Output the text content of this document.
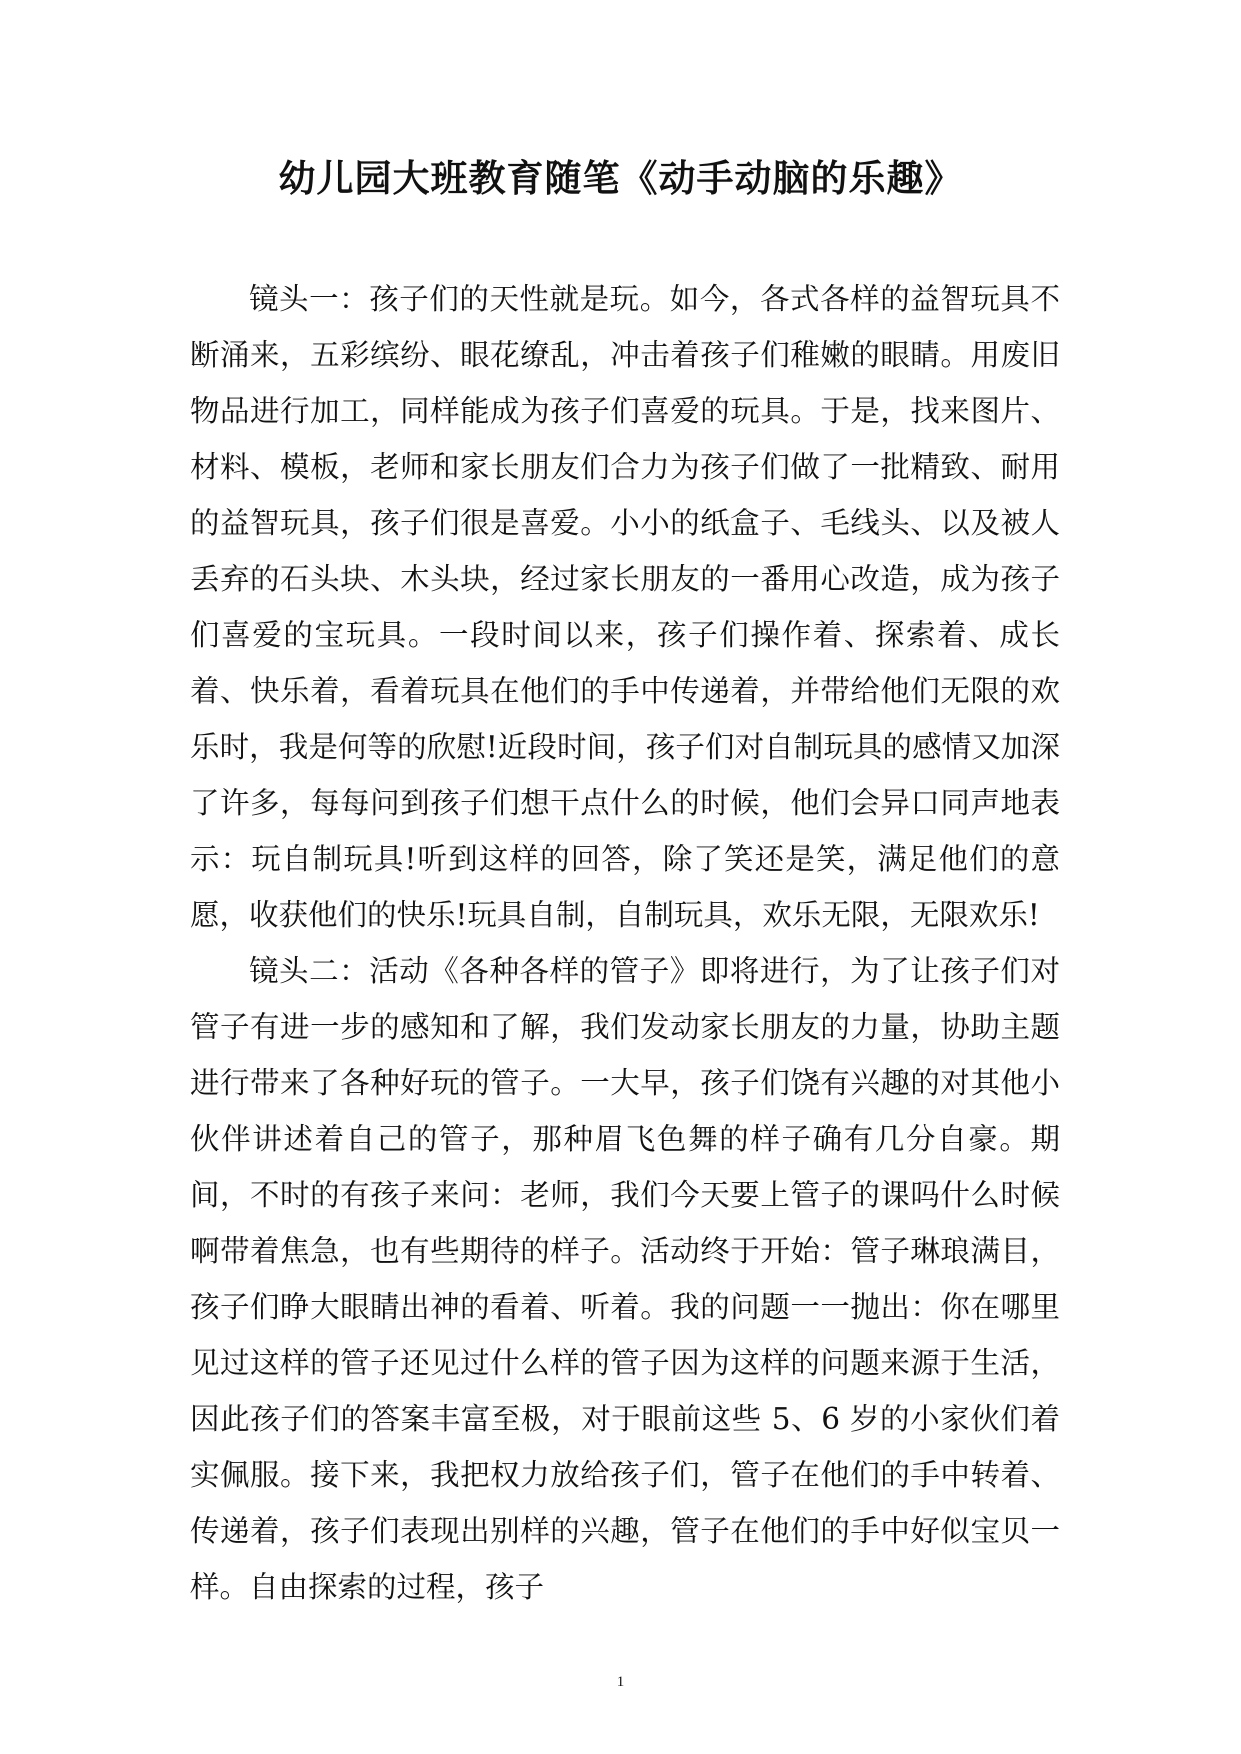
幼儿园大班教育随笔《动手动脑的乐趣》

镜头一：孩子们的天性就是玩。如今，各式各样的益智玩具不断涌来，五彩缤纷、眼花缭乱，冲击着孩子们稚嫩的眼睛。用废旧物品进行加工，同样能成为孩子们喜爱的玩具。于是，找来图片、材料、模板，老师和家长朋友们合力为孩子们做了一批精致、耐用的益智玩具，孩子们很是喜爱。小小的纸盒子、毛线头、以及被人丢弃的石头块、木头块，经过家长朋友的一番用心改造，成为孩子们喜爱的宝玩具。一段时间以来，孩子们操作着、探索着、成长着、快乐着，看着玩具在他们的手中传递着，并带给他们无限的欢乐时，我是何等的欣慰!近段时间，孩子们对自制玩具的感情又加深了许多，每每问到孩子们想干点什么的时候，他们会异口同声地表示：玩自制玩具!听到这样的回答，除了笑还是笑，满足他们的意愿，收获他们的快乐!玩具自制，自制玩具，欢乐无限，无限欢乐!

镜头二：活动《各种各样的管子》即将进行，为了让孩子们对管子有进一步的感知和了解，我们发动家长朋友的力量，协助主题进行带来了各种好玩的管子。一大早，孩子们饶有兴趣的对其他小伙伴讲述着自己的管子，那种眉飞色舞的样子确有几分自豪。期间，不时的有孩子来问：老师，我们今天要上管子的课吗什么时候啊带着焦急，也有些期待的样子。活动终于开始：管子琳琅满目，孩子们睁大眼睛出神的看着、听着。我的问题一一抛出：你在哪里见过这样的管子还见过什么样的管子因为这样的问题来源于生活，因此孩子们的答案丰富至极，对于眼前这些 5、6 岁的小家伙们着实佩服。接下来，我把权力放给孩子们，管子在他们的手中转着、传递着，孩子们表现出别样的兴趣，管子在他们的手中好似宝贝一样。自由探索的过程，孩子

1
